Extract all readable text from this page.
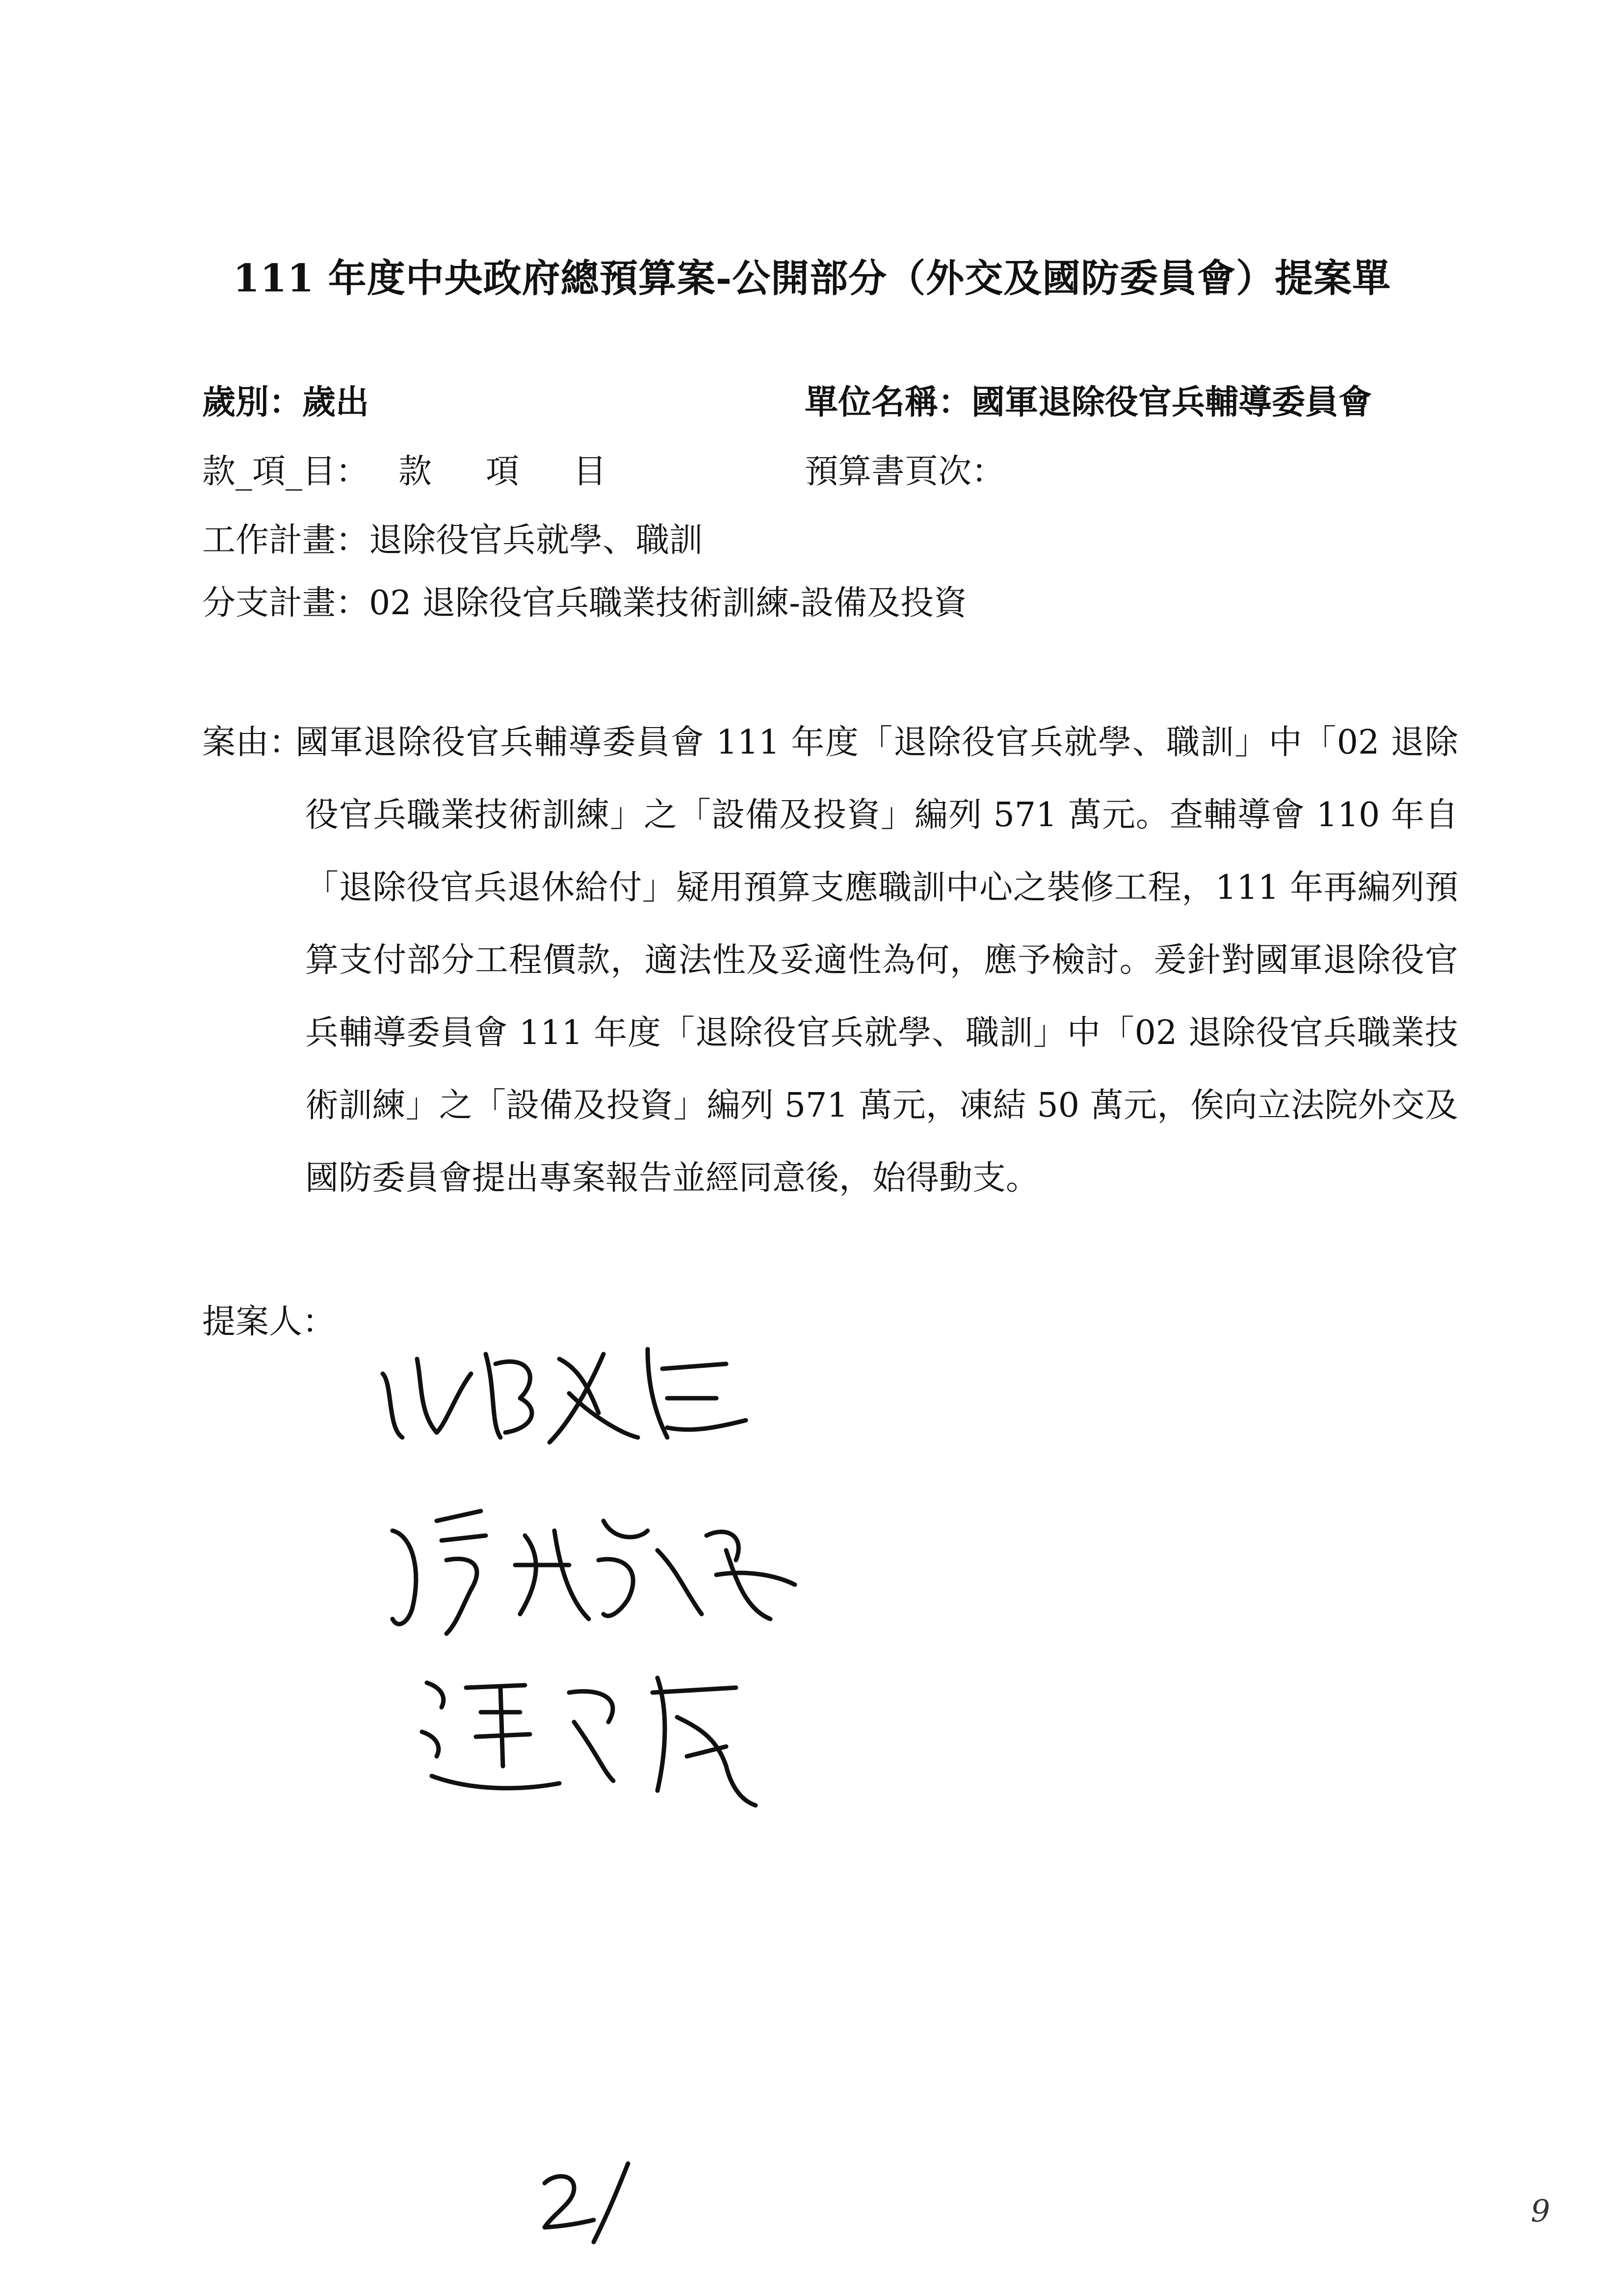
111 年度中央政府總預算案-公開部分（外交及國防委員會）提案單
歲別：歲出	單位名稱：國軍退除役官兵輔導委員會
款_項_目： 款 項 目	預算書頁次：
工作計畫：退除役官兵就學、職訓
分支計畫：02 退除役官兵職業技術訓練-設備及投資
案由：
國軍退除役官兵輔導委員會 111 年度「退除役官兵就學、職訓」中「02 退除役官兵職業技術訓練」之「設備及投資」編列 571 萬元。查輔導會 110 年自「退除役官兵退休給付」疑用預算支應職訓中心之裝修工程，111 年再編列預算支付部分工程價款，適法性及妥適性為何，應予檢討。爰針對國軍退除役官兵輔導委員會 111 年度「退除役官兵就學、職訓」中「02 退除役官兵職業技術訓練」之「設備及投資」編列 571 萬元，凍結 50 萬元，俟向立法院外交及國防委員會提出專案報告並經同意後，始得動支。
提案人：
9
